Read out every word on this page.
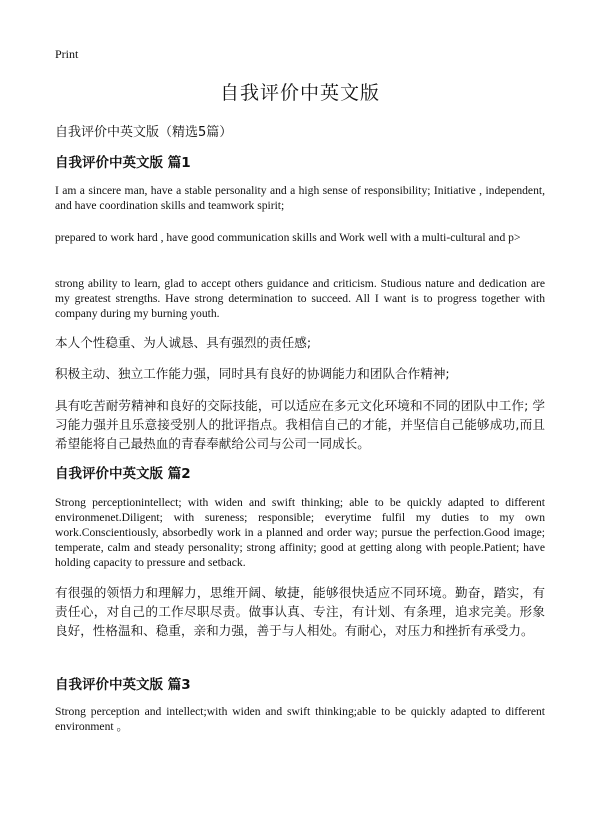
Print
自我评价中英文版
自我评价中英文版（精选5篇）
自我评价中英文版 篇1
I am a sincere man, have a stable personality and a high sense of responsibility; Initiative , independent, and have coordination skills and teamwork spirit;
prepared to work hard , have good communication skills and Work well with a multi-cultural and p>
strong ability to learn, glad to accept others guidance and criticism. Studious nature and dedication are my greatest strengths. Have strong determination to succeed. All I want is to progress together with company during my burning youth.
本人个性稳重、为人诚恳、具有强烈的责任感;
积极主动、独立工作能力强，同时具有良好的协调能力和团队合作精神;
具有吃苦耐劳精神和良好的交际技能，可以适应在多元文化环境和不同的团队中工作; 学习能力强并且乐意接受别人的批评指点。我相信自己的才能，并坚信自己能够成功,而且希望能将自己最热血的青春奉献给公司与公司一同成长。
自我评价中英文版 篇2
Strong perceptionintellect; with widen and swift thinking; able to be quickly adapted to different environmenet.Diligent; with sureness; responsible; everytime fulfil my duties to my own work.Conscientiously, absorbedly work in a planned and order way; pursue the perfection.Good image; temperate, calm and steady personality; strong affinity; good at getting along with people.Patient; have holding capacity to pressure and setback.
有很强的领悟力和理解力，思维开阔、敏捷，能够很快适应不同环境。勤奋，踏实，有责任心，对自己的工作尽职尽责。做事认真、专注，有计划、有条理，追求完美。形象良好，性格温和、稳重，亲和力强，善于与人相处。有耐心，对压力和挫折有承受力。
自我评价中英文版 篇3
Strong perception and intellect;with widen and swift thinking;able to be quickly adapted to different environment 。
